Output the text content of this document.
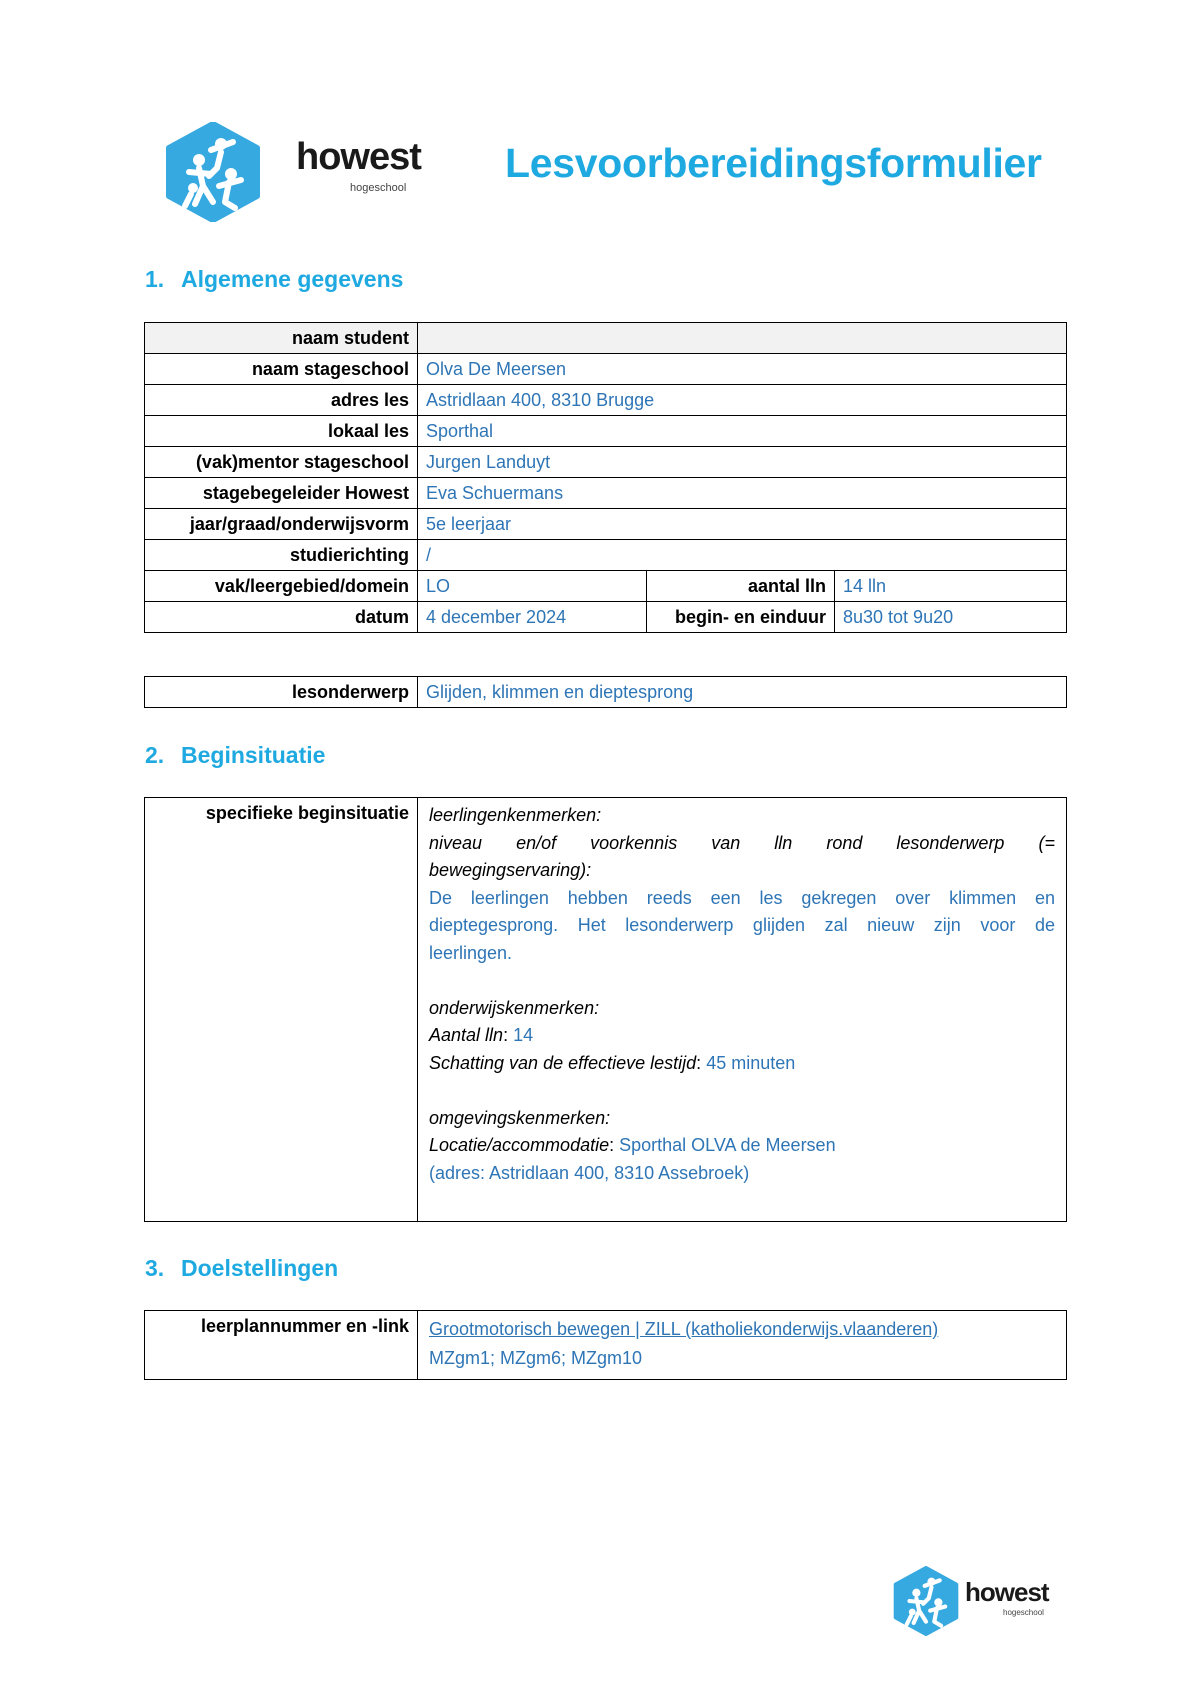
howest
hogeschool
Lesvoorbereidingsformulier
1. Algemene gegevens
naam student			
naam stageschool	Olva De Meersen		
adres les	Astridlaan 400, 8310 Brugge		
lokaal les	Sporthal		
(vak)mentor stageschool	Jurgen Landuyt		
stagebegeleider Howest	Eva Schuermans		
jaar/graad/onderwijsvorm	5e leerjaar		
studierichting	/		
vak/leergebied/domein	LO	aantal lln	14 lln
datum	4 december 2024	begin- en einduur	8u30 tot 9u20
lesonderwerp	Glijden, klimmen en dieptesprong
2. Beginsituatie
specifieke beginsituatie	leerlingenkenmerken:
niveau en/of voorkennis van lln rond lesonderwerp (=
bewegingservaring):
De leerlingen hebben reeds een les gekregen over klimmen en
dieptegesprong. Het lesonderwerp glijden zal nieuw zijn voor de
leerlingen.
onderwijskenmerken:
Aantal lln: 14
Schatting van de effectieve lestijd: 45 minuten
omgevingskenmerken:
Locatie/accommodatie: Sporthal OLVA de Meersen
(adres: Astridlaan 400, 8310 Assebroek)
3. Doelstellingen
leerplannummer en -link	Grootmotorisch bewegen | ZILL (katholiekonderwijs.vlaanderen)
MZgm1; MZgm6; MZgm10
howest
hogeschool
